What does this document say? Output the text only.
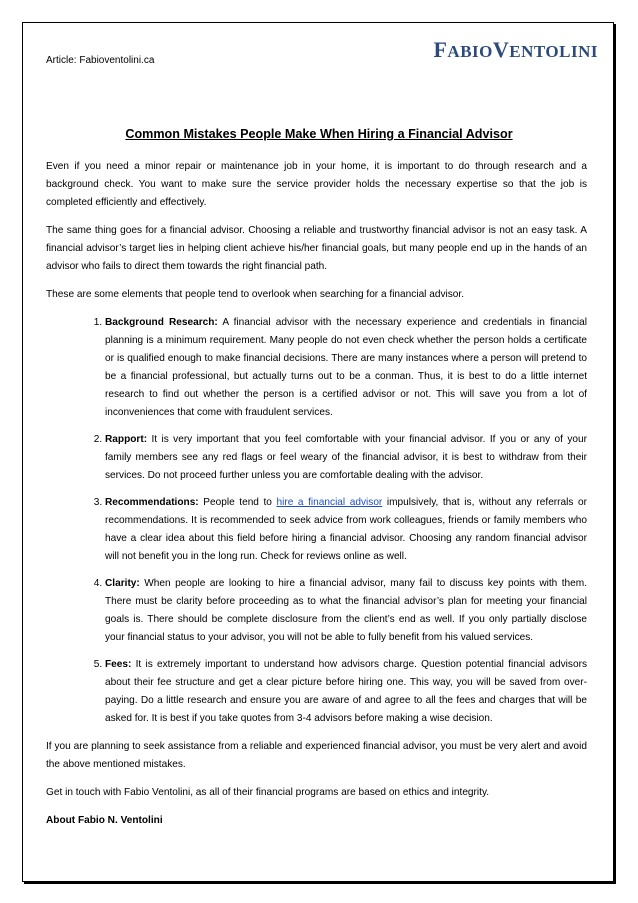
Article: Fabioventolini.ca	FABIOVENTOLINI
Common Mistakes People Make When Hiring a Financial Advisor

Even if you need a minor repair or maintenance job in your home, it is important to do through research and a background check. You want to make sure the service provider holds the necessary expertise so that the job is completed efficiently and effectively.

The same thing goes for a financial advisor. Choosing a reliable and trustworthy financial advisor is not an easy task. A financial advisor’s target lies in helping client achieve his/her financial goals, but many people end up in the hands of an advisor who fails to direct them towards the right financial path.

These are some elements that people tend to overlook when searching for a financial advisor.

1. Background Research: A financial advisor with the necessary experience and credentials in financial planning is a minimum requirement. Many people do not even check whether the person holds a certificate or is qualified enough to make financial decisions. There are many instances where a person will pretend to be a financial professional, but actually turns out to be a conman. Thus, it is best to do a little internet research to find out whether the person is a certified advisor or not. This will save you from a lot of inconveniences that come with fraudulent services.
2. Rapport: It is very important that you feel comfortable with your financial advisor. If you or any of your family members see any red flags or feel weary of the financial advisor, it is best to withdraw from their services. Do not proceed further unless you are comfortable dealing with the advisor.
3. Recommendations: People tend to hire a financial advisor impulsively, that is, without any referrals or recommendations. It is recommended to seek advice from work colleagues, friends or family members who have a clear idea about this field before hiring a financial advisor. Choosing any random financial advisor will not benefit you in the long run. Check for reviews online as well.
4. Clarity: When people are looking to hire a financial advisor, many fail to discuss key points with them. There must be clarity before proceeding as to what the financial advisor’s plan for meeting your financial goals is. There should be complete disclosure from the client’s end as well. If you only partially disclose your financial status to your advisor, you will not be able to fully benefit from his valued services.
5. Fees: It is extremely important to understand how advisors charge. Question potential financial advisors about their fee structure and get a clear picture before hiring one. This way, you will be saved from over-paying. Do a little research and ensure you are aware of and agree to all the fees and charges that will be asked for. It is best if you take quotes from 3-4 advisors before making a wise decision.

If you are planning to seek assistance from a reliable and experienced financial advisor, you must be very alert and avoid the above mentioned mistakes.

Get in touch with Fabio Ventolini, as all of their financial programs are based on ethics and integrity.

About Fabio N. Ventolini
